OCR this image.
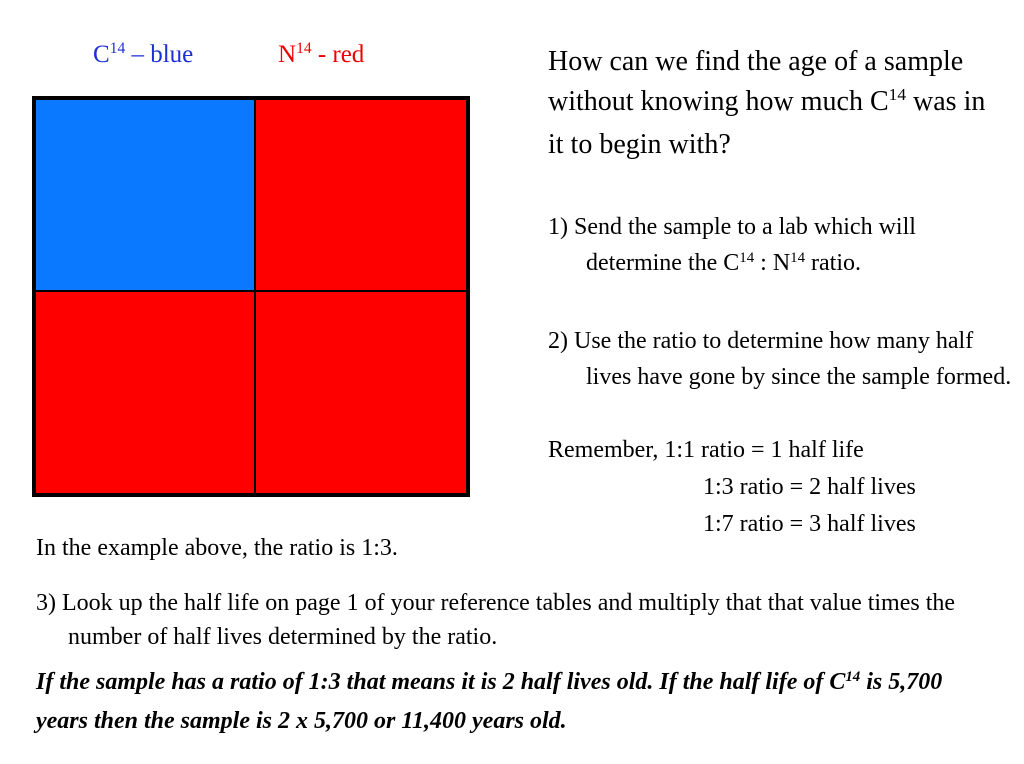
$C^{14}$ – blue	$N^{14}$ - red	How can we find the age of a sample without knowing how much $C^{14}$ was in it to begin with?
1) Send the sample to a lab which will determine the $C^{14}$ : $N^{14}$ ratio.
2) Use the ratio to determine how many half lives have gone by since the sample formed.
Remember, 1:1 ratio = 1 half life
1:3 ratio = 2 half lives
1:7 ratio = 3 half lives
In the example above, the ratio is 1:3.
3) Look up the half life on page 1 of your reference tables and multiply that that value times the number of half lives determined by the ratio.
If the sample has a ratio of 1:3 that means it is 2 half lives old. If the half life of $C^{14}$ is 5,700 years then the sample is 2 x 5,700 or 11,400 years old.
